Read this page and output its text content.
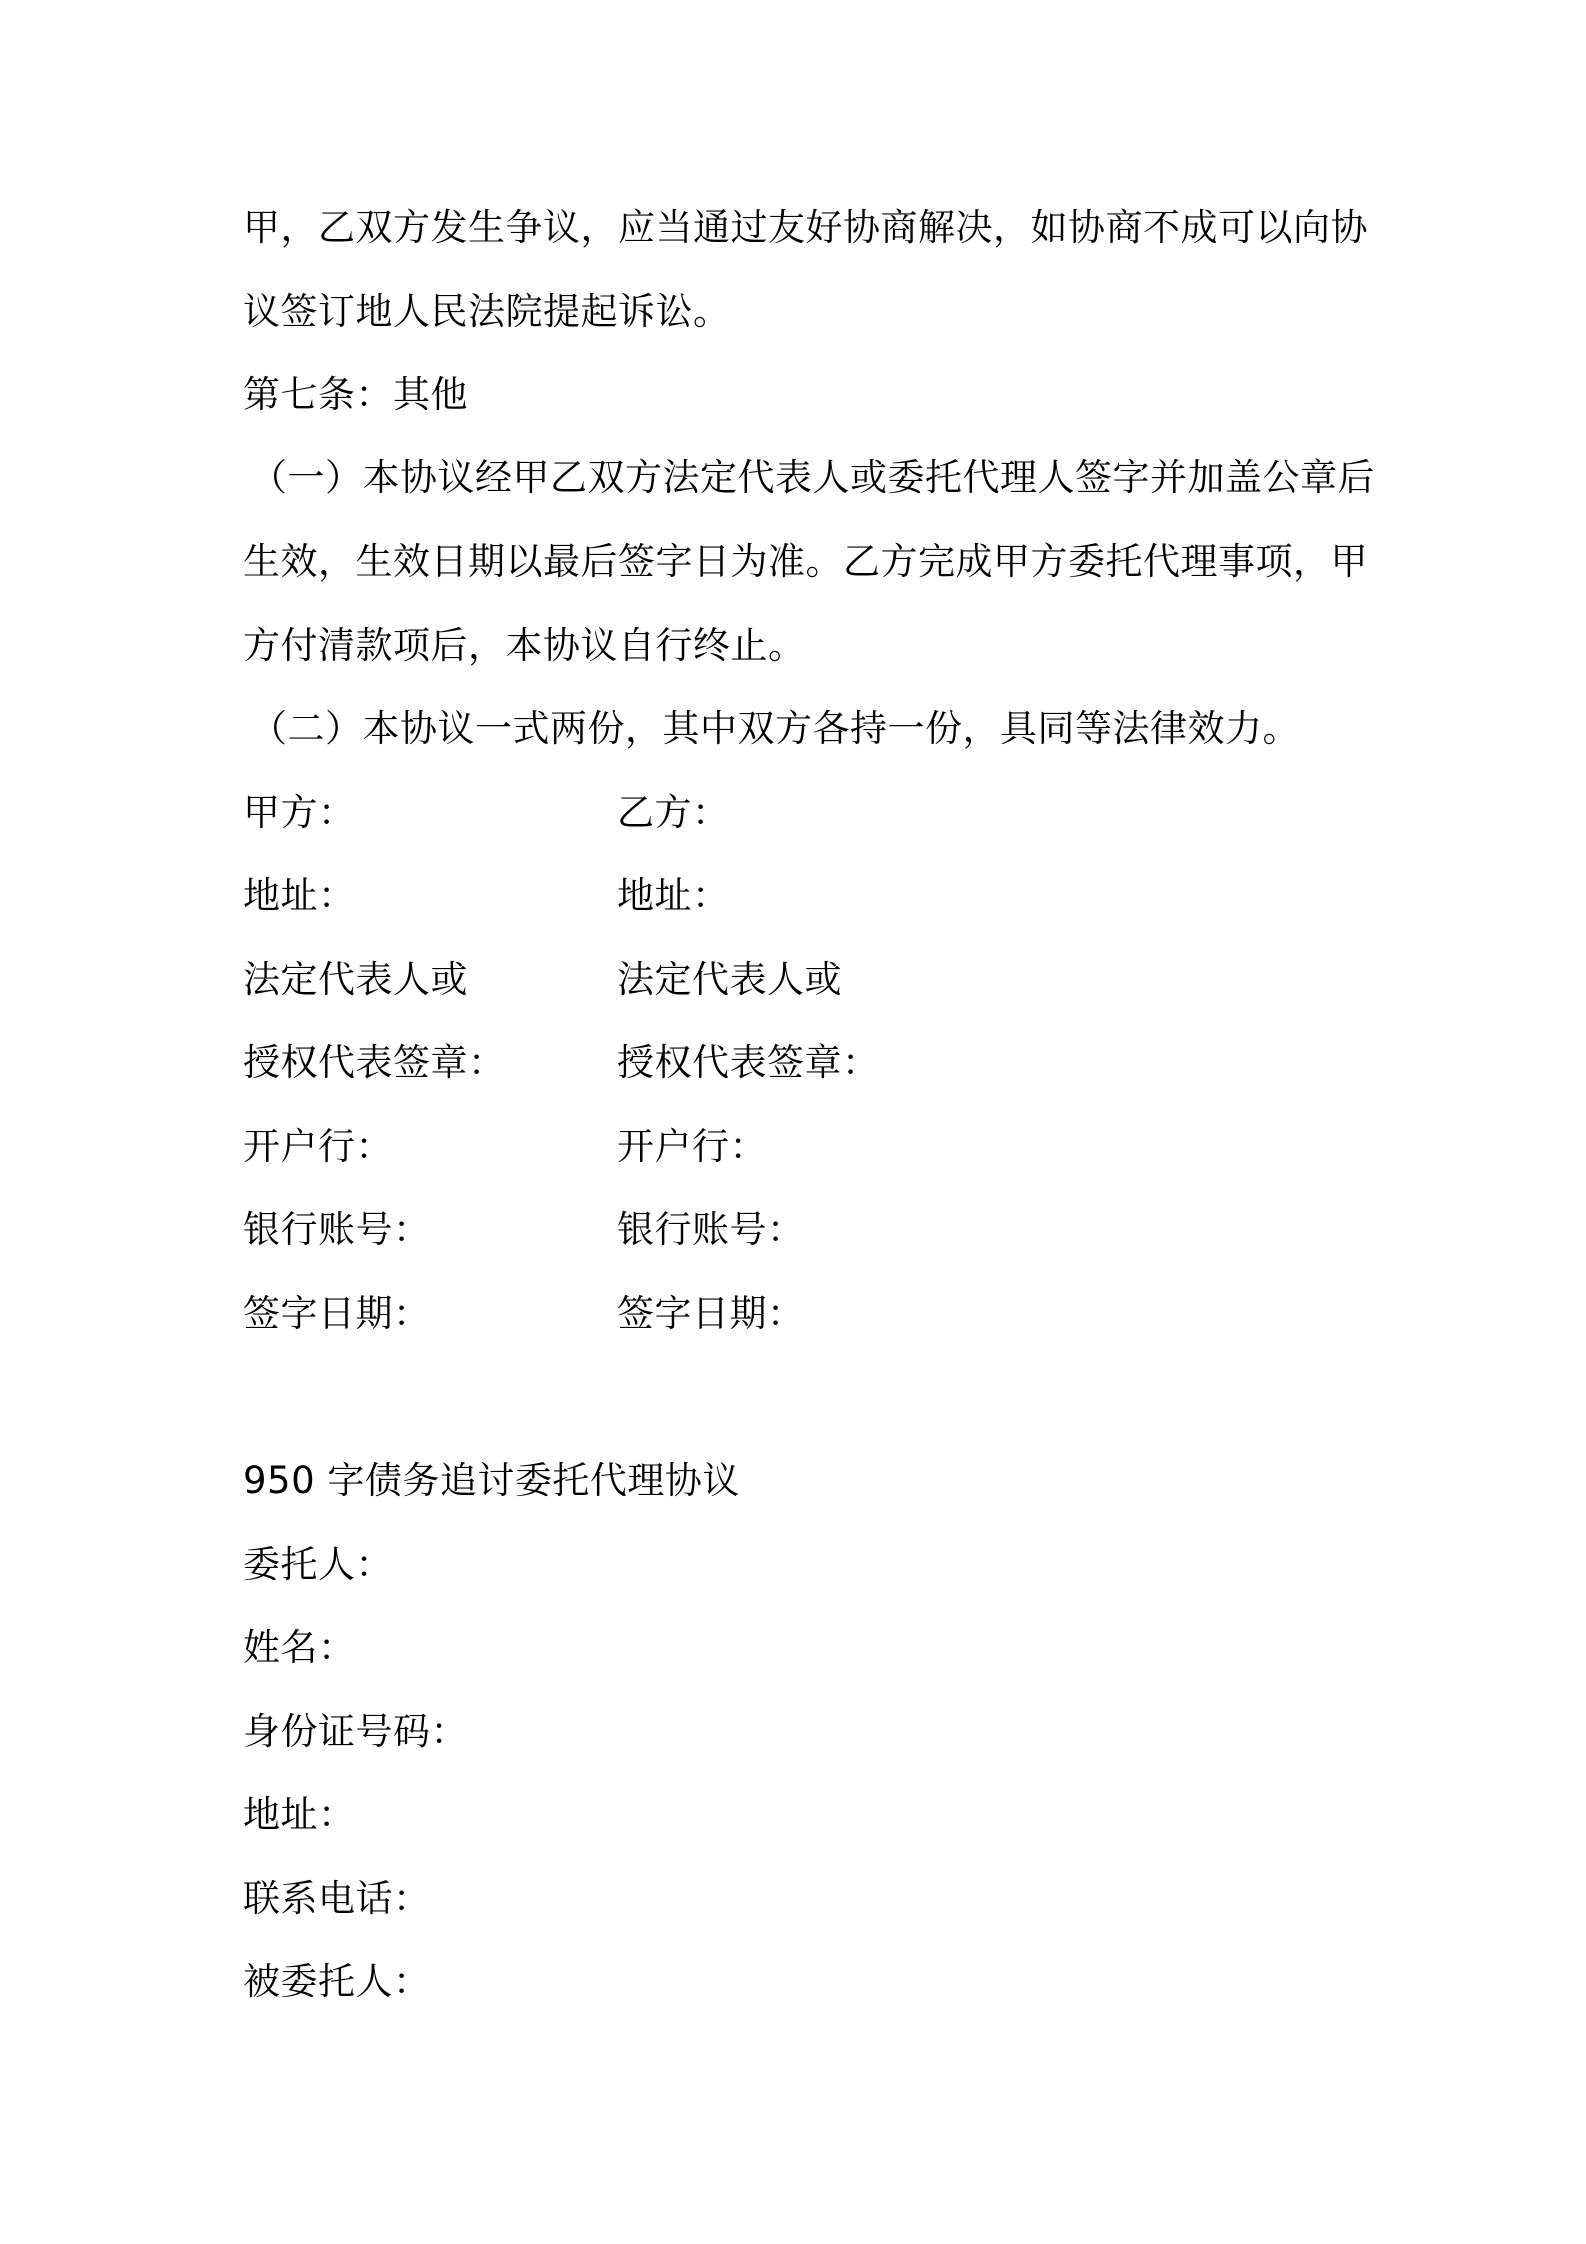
甲，乙双方发生争议，应当通过友好协商解决，如协商不成可以向协
议签订地人民法院提起诉讼。
第七条：其他
（一）本协议经甲乙双方法定代表人或委托代理人签字并加盖公章后
生效，生效日期以最后签字日为准。乙方完成甲方委托代理事项，甲
方付清款项后，本协议自行终止。
（二）本协议一式两份，其中双方各持一份，具同等法律效力。
甲方：
地址：
法定代表人或
授权代表签章：
开户行：
银行账号：
签字日期：
乙方：
地址：
法定代表人或
授权代表签章：
开户行：
银行账号：
签字日期：
950 字债务追讨委托代理协议
委托人：
姓名：
身份证号码：
地址：
联系电话：
被委托人：
